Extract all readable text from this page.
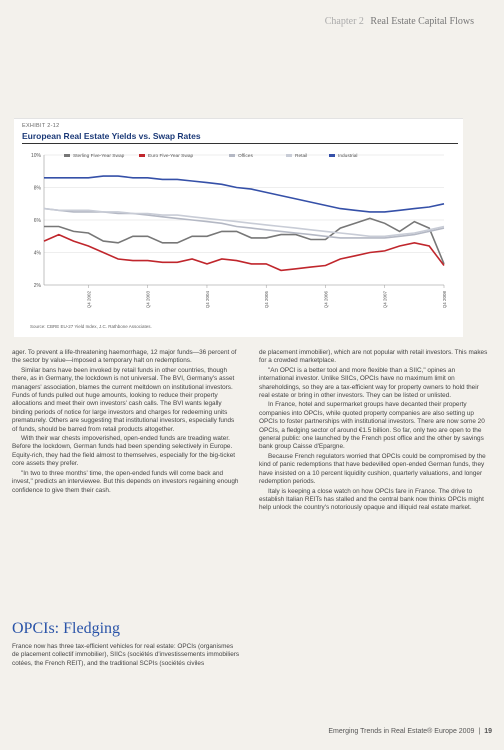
Chapter 2 Real Estate Capital Flows
EXHIBIT 2-12
European Real Estate Yields vs. Swap Rates
2%
4%
6%
8%
10%
Q4 2002	Q4 2003	Q4 2004	Q4 2005	Q4 2006	Q4 2007	Q4 2008
Sterling Five-Year Swap	Euro Five-Year Swap	Offices	Retail	Industrial
Source: CBRE EU-27 Yield Index, J.C. Rathbone Associates.

ager. To prevent a life-threatening haemorrhage, 12 major funds—36 percent of the sector by value—imposed a temporary halt on redemptions.

Similar bans have been invoked by retail funds in other countries, though there, as in Germany, the lockdown is not universal. The BVI, Germany's asset managers' association, blames the current meltdown on institutional investors. Funds of funds pulled out huge amounts, looking to reduce their property allocations and meet their own investors' cash calls. The BVI wants legally binding periods of notice for large investors and charges for redeeming units prematurely. Others are suggesting that institutional investors, especially funds of funds, should be barred from retail products altogether.

With their war chests impoverished, open-ended funds are treading water. Before the lockdown, German funds had been spending selectively in Europe. Equity-rich, they had the field almost to themselves, especially for the big-ticket core assets they prefer.

"In two to three months' time, the open-ended funds will come back and invest," predicts an interviewee. But this depends on investors regaining enough confidence to give them their cash.

de placement immobilier), which are not popular with retail investors. This makes for a crowded marketplace.

"An OPCI is a better tool and more flexible than a SIIC," opines an international investor. Unlike SIICs, OPCIs have no maximum limit on shareholdings, so they are a tax-efficient way for property owners to hold their real estate or bring in other investors. They can be listed or unlisted.

In France, hotel and supermarket groups have decanted their property companies into OPCIs, while quoted property companies are also setting up OPCIs to foster partnerships with institutional investors. There are now some 20 OPCIs, a fledging sector of around €1.5 billion. So far, only two are open to the general public: one launched by the French post office and the other by savings bank group Caisse d'Epargne.

Because French regulators worried that OPCIs could be compromised by the kind of panic redemptions that have bedevilled open-ended German funds, they have insisted on a 10 percent liquidity cushion, quarterly valuations, and longer redemption periods.

Italy is keeping a close watch on how OPCIs fare in France. The drive to establish Italian REITs has stalled and the central bank now thinks OPCIs might help unlock the country's notoriously opaque and illiquid real estate market.

OPCIs: Fledging

France now has three tax-efficient vehicles for real estate: OPCIs (organismes de placement collectif immobilier), SIICs (sociétés d'investissements immobiliers cotées, the French REIT), and the traditional SCPIs (sociétés civiles

Emerging Trends in Real Estate® Europe 2009 | 19
